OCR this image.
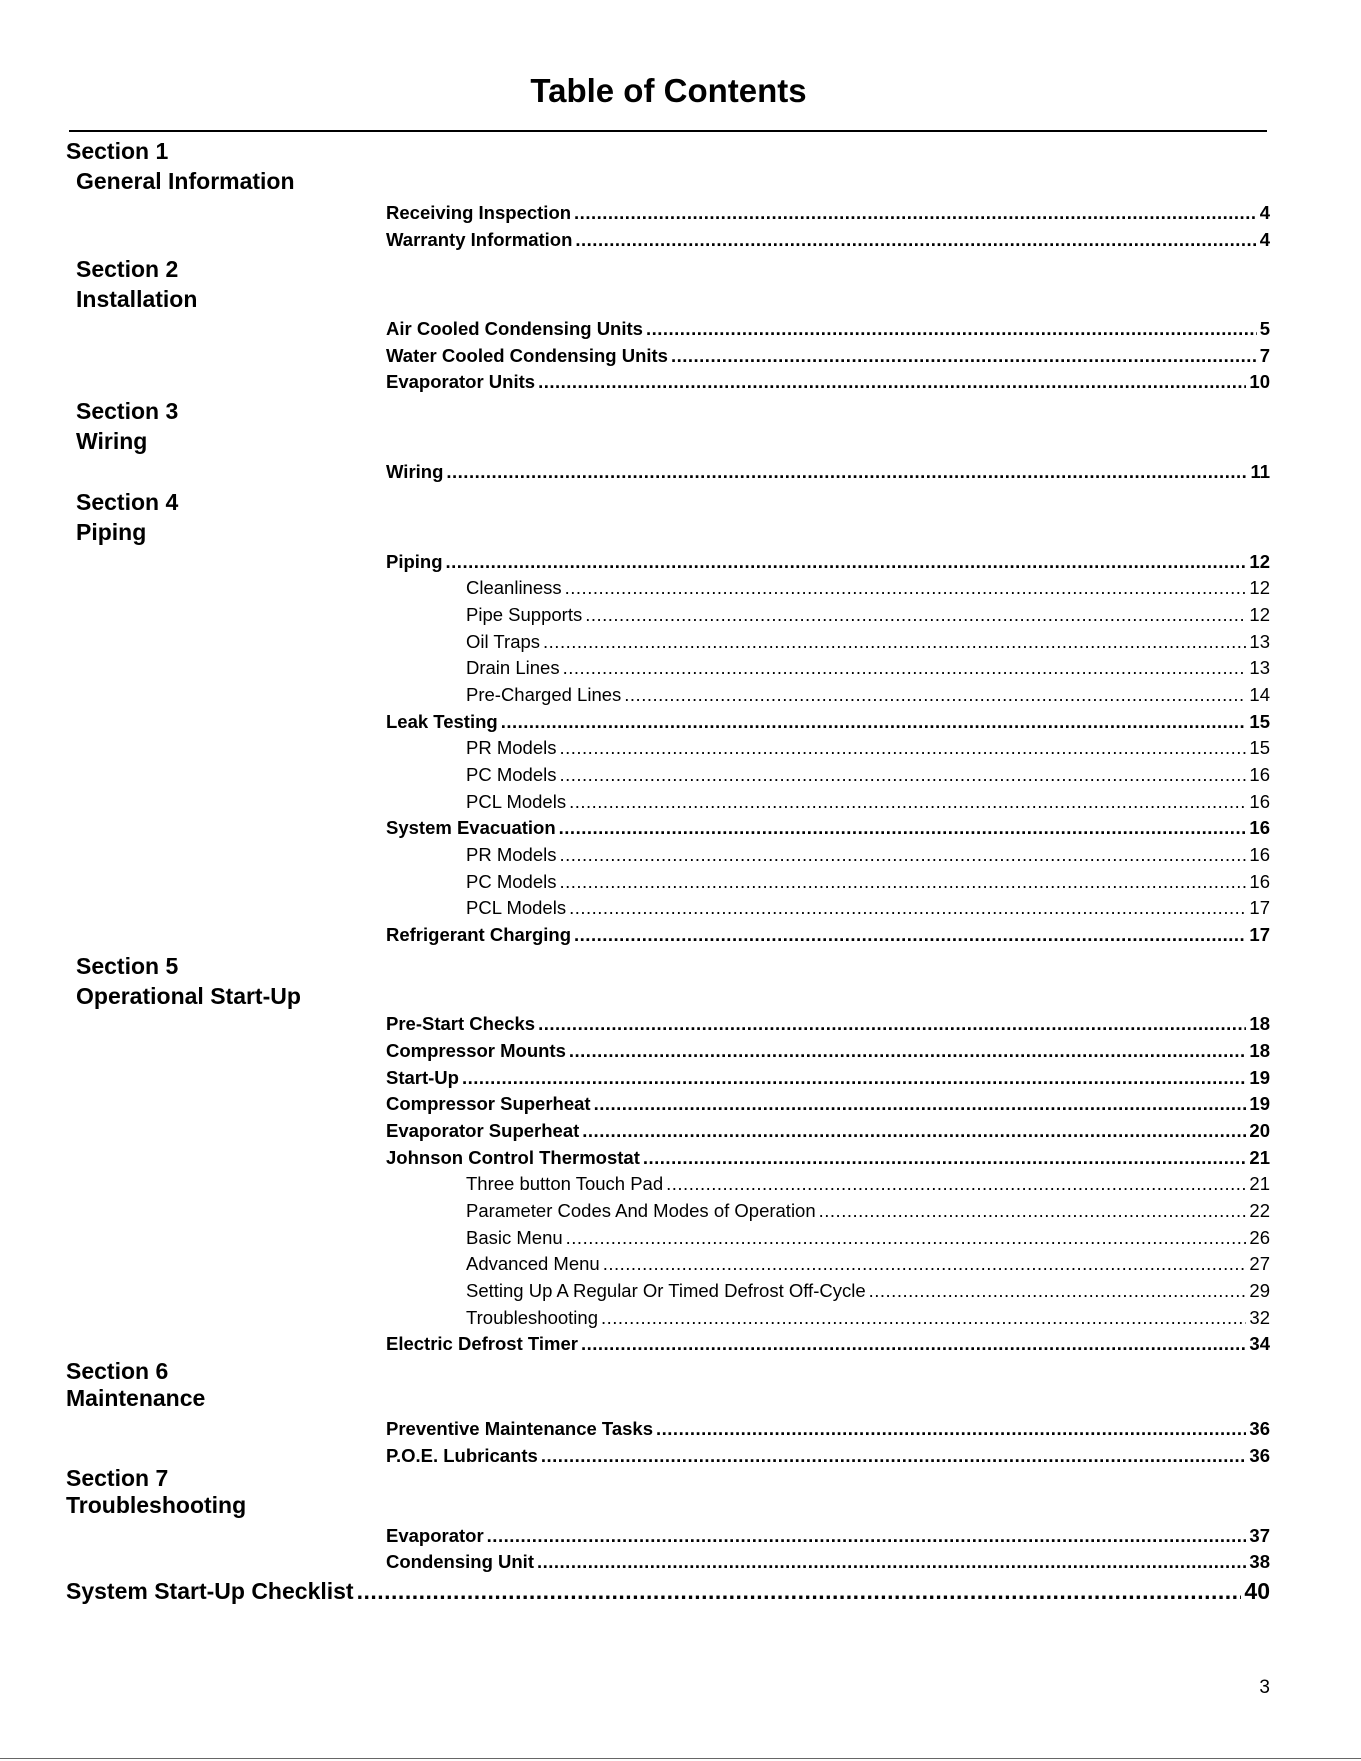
Table of Contents
Section 1
General Information
Section 2
Installation
Section 3
Wiring
Section 4
Piping
Section 5
Operational Start-Up
Section 6
Maintenance
Section 7
Troubleshooting
Receiving Inspection .....	4
Warranty Information .....	4
Air Cooled Condensing Units .....	5
Water Cooled Condensing Units .....	7
Evaporator Units .....	10
Wiring .....	11
Piping .....	12
Cleanliness .....	12
Pipe Supports .....	12
Oil Traps .....	13
Drain Lines .....	13
Pre-Charged Lines .....	14
Leak Testing .....	15
PR Models .....	15
PC Models .....	16
PCL Models .....	16
System Evacuation .....	16
PR Models .....	16
PC Models .....	16
PCL Models .....	17
Refrigerant Charging .....	17
Pre-Start Checks .....	18
Compressor Mounts .....	18
Start-Up .....	19
Compressor Superheat .....	19
Evaporator Superheat .....	20
Johnson Control Thermostat .....	21
Three button Touch Pad .....	21
Parameter Codes And Modes of Operation .....	22
Basic Menu .....	26
Advanced Menu .....	27
Setting Up A Regular Or Timed Defrost Off-Cycle .....	29
Troubleshooting .....	32
Electric Defrost Timer .....	34
Preventive Maintenance Tasks .....	36
P.O.E. Lubricants .....	36
Evaporator .....	37
Condensing Unit .....	38
System Start-Up Checklist .....	40
3
